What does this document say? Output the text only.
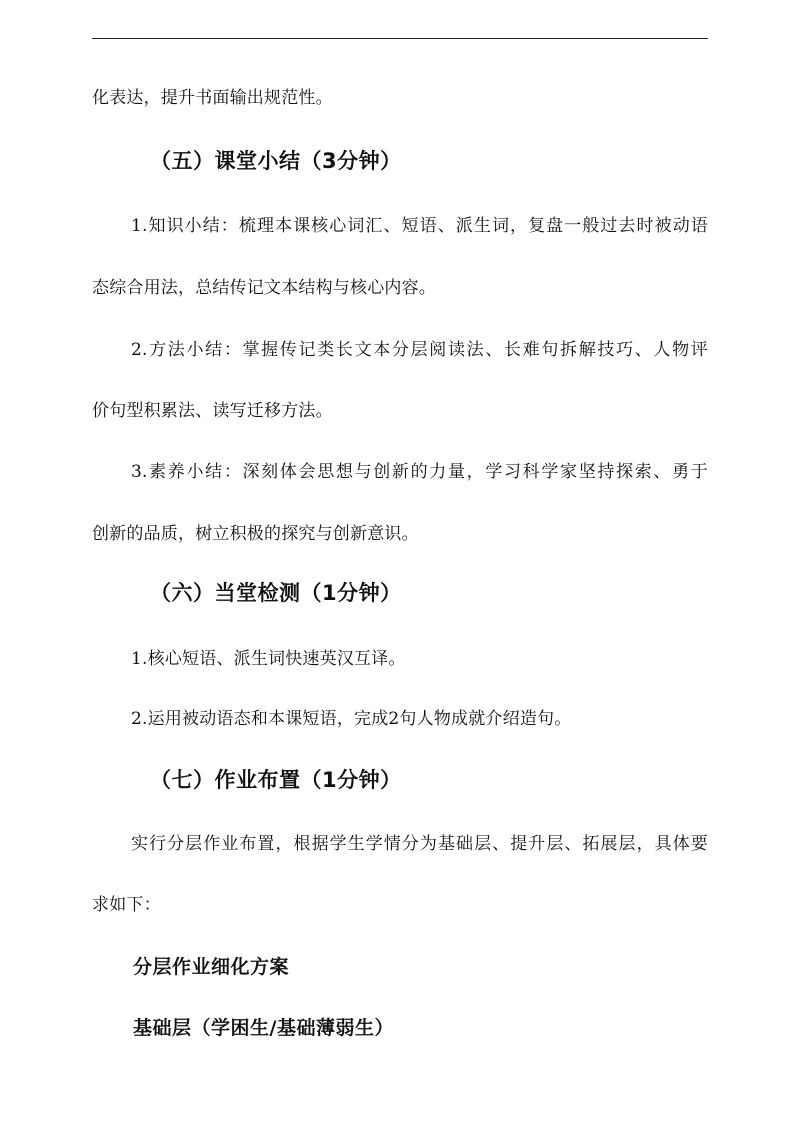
化表达，提升书面输出规范性。
（五）课堂小结（3分钟）
1.知识小结：梳理本课核心词汇、短语、派生词，复盘一般过去时被动语
态综合用法，总结传记文本结构与核心内容。
2.方法小结：掌握传记类长文本分层阅读法、长难句拆解技巧、人物评
价句型积累法、读写迁移方法。
3.素养小结：深刻体会思想与创新的力量，学习科学家坚持探索、勇于
创新的品质，树立积极的探究与创新意识。
（六）当堂检测（1分钟）
1.核心短语、派生词快速英汉互译。
2.运用被动语态和本课短语，完成2句人物成就介绍造句。
（七）作业布置（1分钟）
实行分层作业布置，根据学生学情分为基础层、提升层、拓展层，具体要
求如下：
分层作业细化方案
基础层（学困生/基础薄弱生）
